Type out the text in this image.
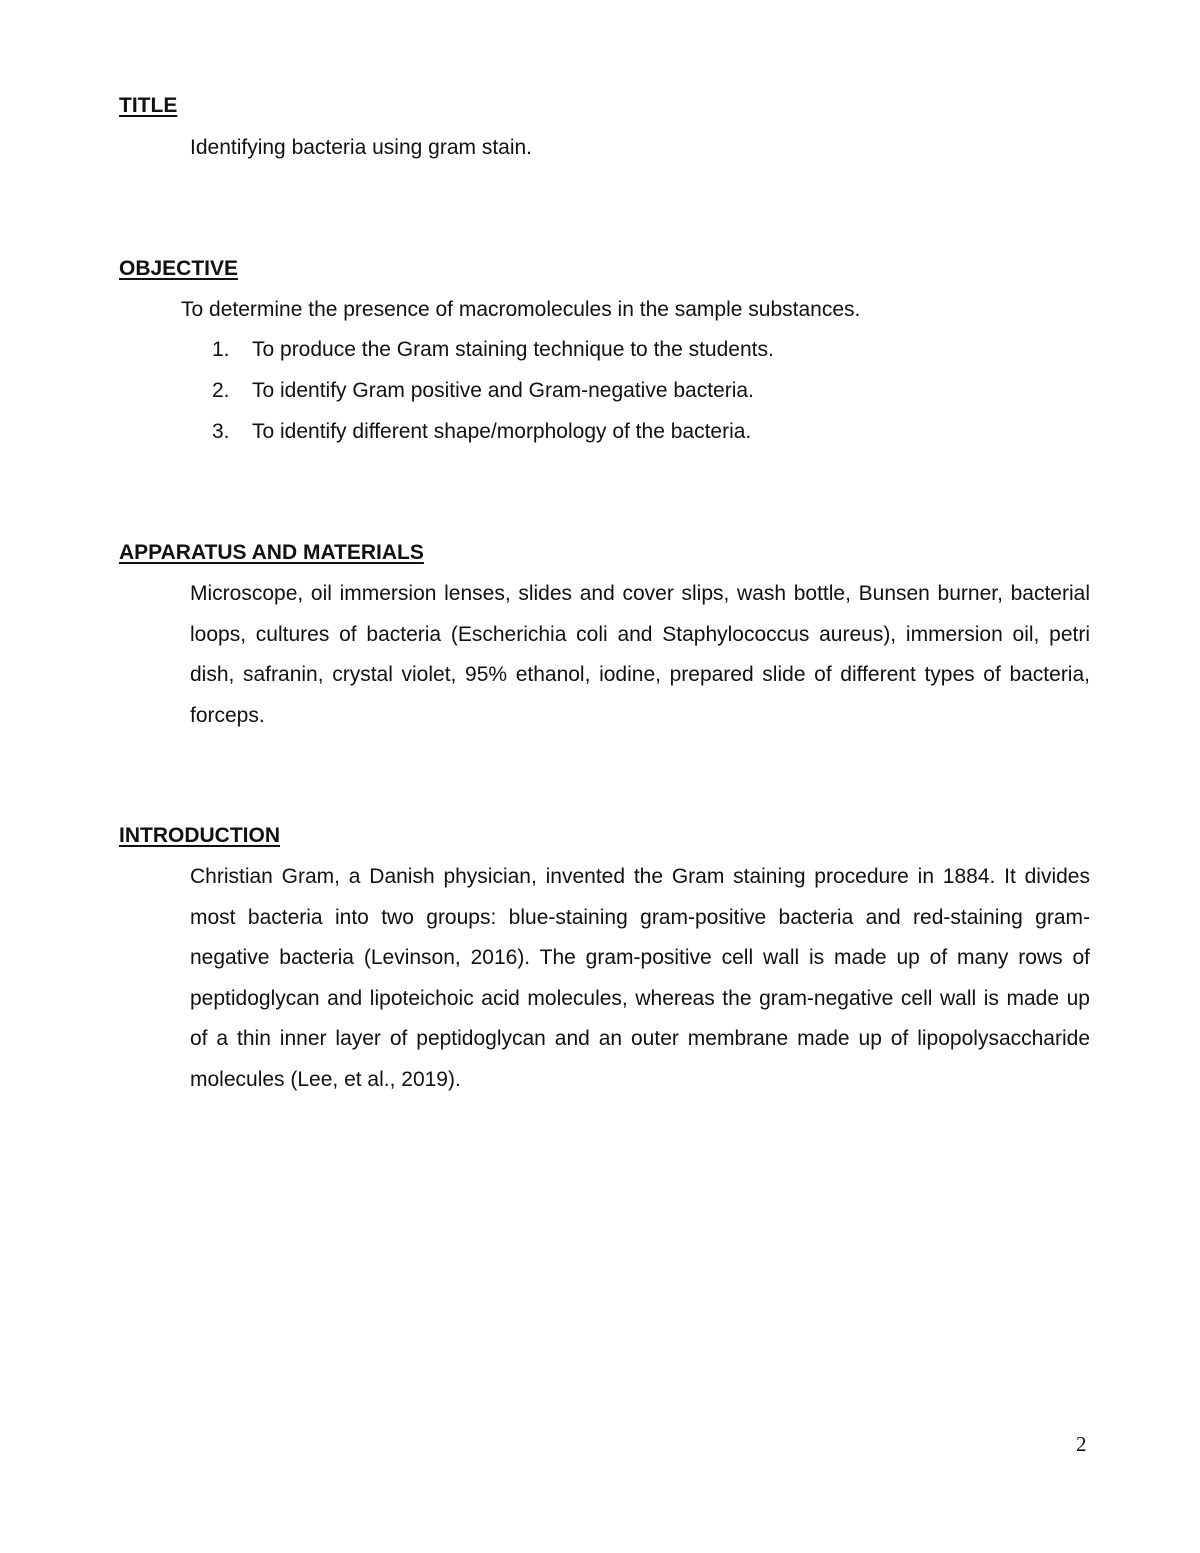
TITLE

Identifying bacteria using gram stain.

OBJECTIVE

To determine the presence of macromolecules in the sample substances.

1. To produce the Gram staining technique to the students.
2. To identify Gram positive and Gram-negative bacteria.
3. To identify different shape/morphology of the bacteria.
APPARATUS AND MATERIALS

Microscope, oil immersion lenses, slides and cover slips, wash bottle, Bunsen burner, bacterial loops, cultures of bacteria (Escherichia coli and Staphylococcus aureus), immersion oil, petri dish, safranin, crystal violet, 95% ethanol, iodine, prepared slide of different types of bacteria, forceps.

INTRODUCTION

Christian Gram, a Danish physician, invented the Gram staining procedure in 1884. It divides most bacteria into two groups: blue-staining gram-positive bacteria and red-staining gram-negative bacteria (Levinson, 2016). The gram-positive cell wall is made up of many rows of peptidoglycan and lipoteichoic acid molecules, whereas the gram-negative cell wall is made up of a thin inner layer of peptidoglycan and an outer membrane made up of lipopolysaccharide molecules (Lee, et al., 2019).

2
